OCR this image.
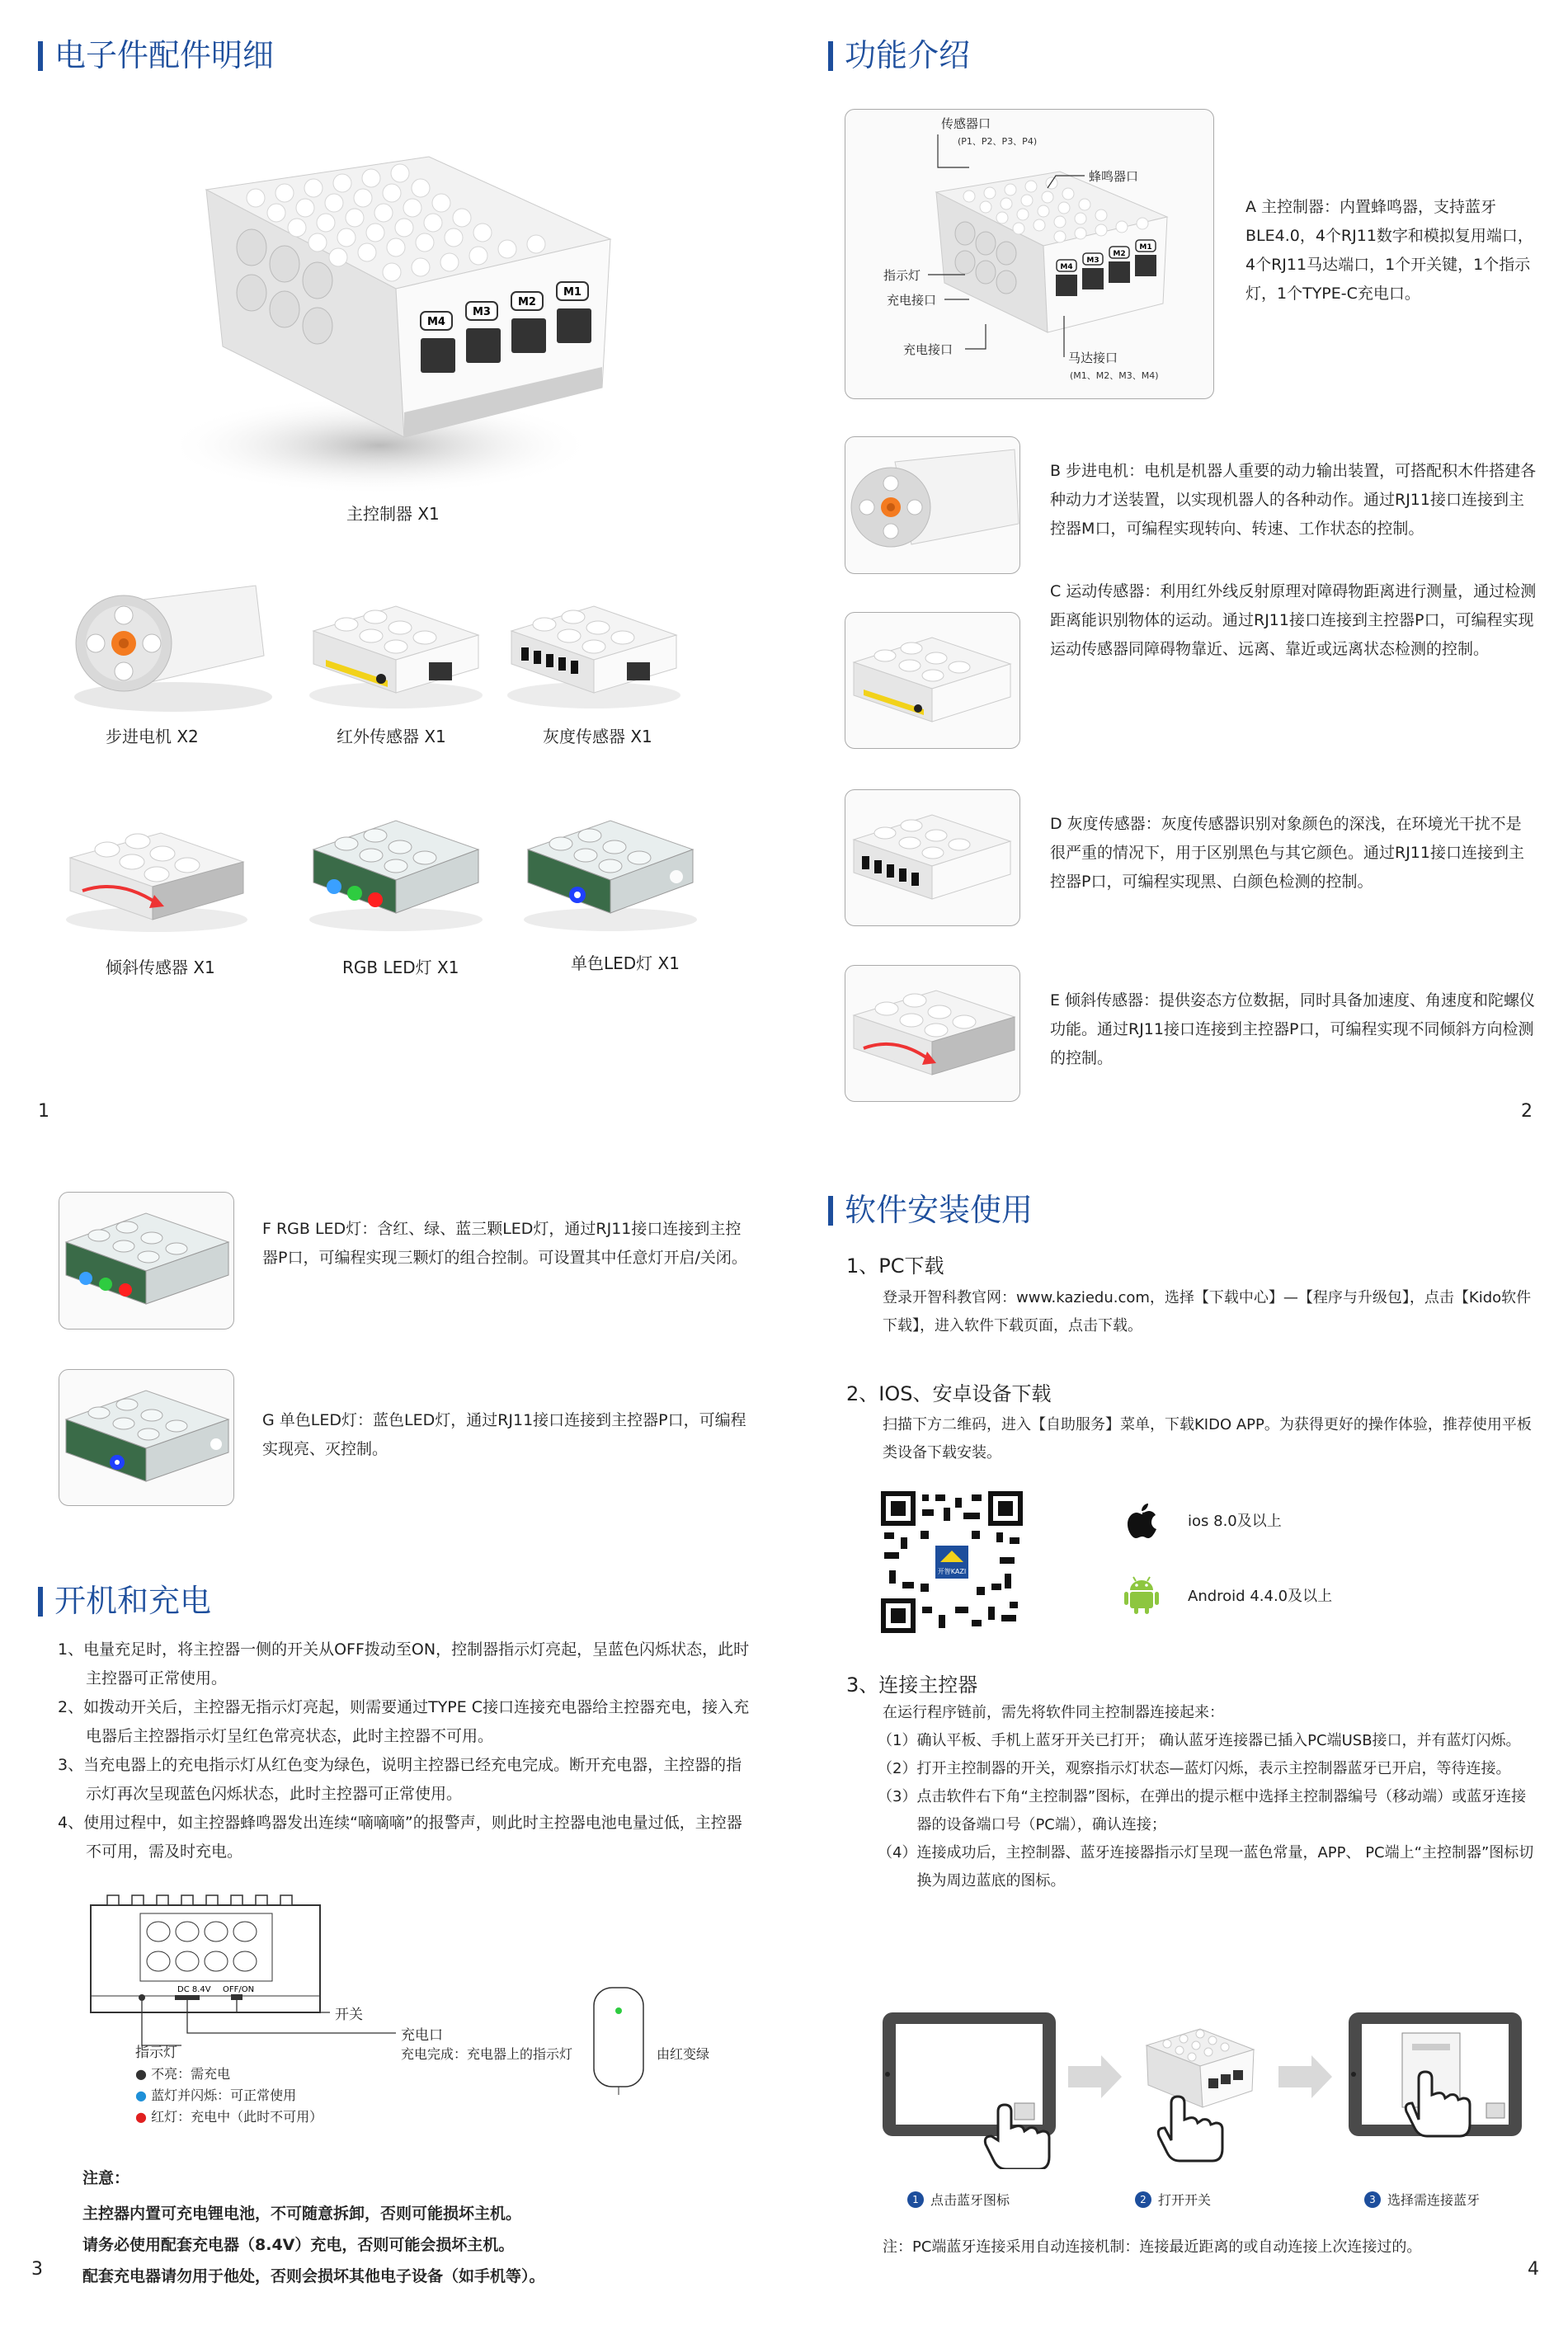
电子件配件明细
M4
M3
M2
M1
主控制器 X1
步进电机 X2	红外传感器 X1	灰度传感器 X1
倾斜传感器 X1	RGB LED灯 X1	单色LED灯 X1
1
功能介绍
M4
M3
M2
M1
传感器口
(P1、P2、P3、P4)
蜂鸣器口
指示灯
充电接口
充电接口
马达接口
(M1、M2、M3、M4)
A 主控制器：内置蜂鸣器，支持蓝牙BLE4.0，4个RJ11数字和模拟复用端口，4个RJ11马达端口，1个开关键，1个指示灯，1个TYPE-C充电口。
B 步进电机：电机是机器人重要的动力输出装置，可搭配积木件搭建各种动力才送装置，以实现机器人的各种动作。通过RJ11接口连接到主控器M口，可编程实现转向、转速、工作状态的控制。
C 运动传感器：利用红外线反射原理对障碍物距离进行测量，通过检测距离能识别物体的运动。通过RJ11接口连接到主控器P口，可编程实现运动传感器同障碍物靠近、远离、靠近或远离状态检测的控制。
D 灰度传感器：灰度传感器识别对象颜色的深浅，在环境光干扰不是很严重的情况下，用于区别黑色与其它颜色。通过RJ11接口连接到主控器P口，可编程实现黑、白颜色检测的控制。
E 倾斜传感器：提供姿态方位数据，同时具备加速度、角速度和陀螺仪功能。通过RJ11接口连接到主控器P口，可编程实现不同倾斜方向检测的控制。
2
F RGB LED灯：含红、绿、蓝三颗LED灯，通过RJ11接口连接到主控器P口，可编程实现三颗灯的组合控制。可设置其中任意灯开启/关闭。
G 单色LED灯：蓝色LED灯，通过RJ11接口连接到主控器P口，可编程实现亮、灭控制。
开机和充电
1、电量充足时，将主控器一侧的开关从OFF拨动至ON，控制器指示灯亮起，呈蓝色闪烁状态，此时主控器可正常使用。
2、如拨动开关后，主控器无指示灯亮起，则需要通过TYPE C接口连接充电器给主控器充电，接入充电器后主控器指示灯呈红色常亮状态，此时主控器不可用。
3、当充电器上的充电指示灯从红色变为绿色，说明主控器已经充电完成。断开充电器，主控器的指示灯再次呈现蓝色闪烁状态，此时主控器可正常使用。
4、使用过程中，如主控器蜂鸣器发出连续“嘀嘀嘀”的报警声，则此时主控器电池电量过低，主控器不可用，需及时充电。
DC 8.4V OFF/ON
开关
充电口
充电完成：充电器上的指示灯	由红变绿
指示灯
● 不亮：需充电
● 蓝灯并闪烁：可正常使用
● 红灯：充电中（此时不可用）
注意：
主控器内置可充电锂电池，不可随意拆卸，否则可能损坏主机。
请务必使用配套充电器（8.4V）充电，否则可能会损坏主机。
配套充电器请勿用于他处，否则会损坏其他电子设备（如手机等）。
3
软件安装使用
1、PC下载
登录开智科教官网：www.kaziedu.com，选择【下载中心】—【程序与升级包】，点击【Kido软件下载】，进入软件下载页面，点击下载。
2、IOS、安卓设备下载
扫描下方二维码，进入【自助服务】菜单，下载KIDO APP。为获得更好的操作体验，推荐使用平板类设备下载安装。
开智KAZI
ios 8.0及以上
Android 4.4.0及以上
3、连接主控器
在运行程序链前，需先将软件同主控制器连接起来：
（1） 确认平板、手机上蓝牙开关已打开； 确认蓝牙连接器已插入PC端USB接口，并有蓝灯闪烁。
（2） 打开主控制器的开关，观察指示灯状态—蓝灯闪烁，表示主控制器蓝牙已开启，等待连接。
（3） 点击软件右下角“主控制器”图标，在弹出的提示框中选择主控制器编号（移动端）或蓝牙连接器的设备端口号（PC端），确认连接；
（4） 连接成功后，主控制器、蓝牙连接器指示灯呈现一蓝色常量，APP、 PC端上“主控制器”图标切换为周边蓝底的图标。
1 点击蓝牙图标	2 打开开关	3 选择需连接蓝牙
注：PC端蓝牙连接采用自动连接机制：连接最近距离的或自动连接上次连接过的。
4
